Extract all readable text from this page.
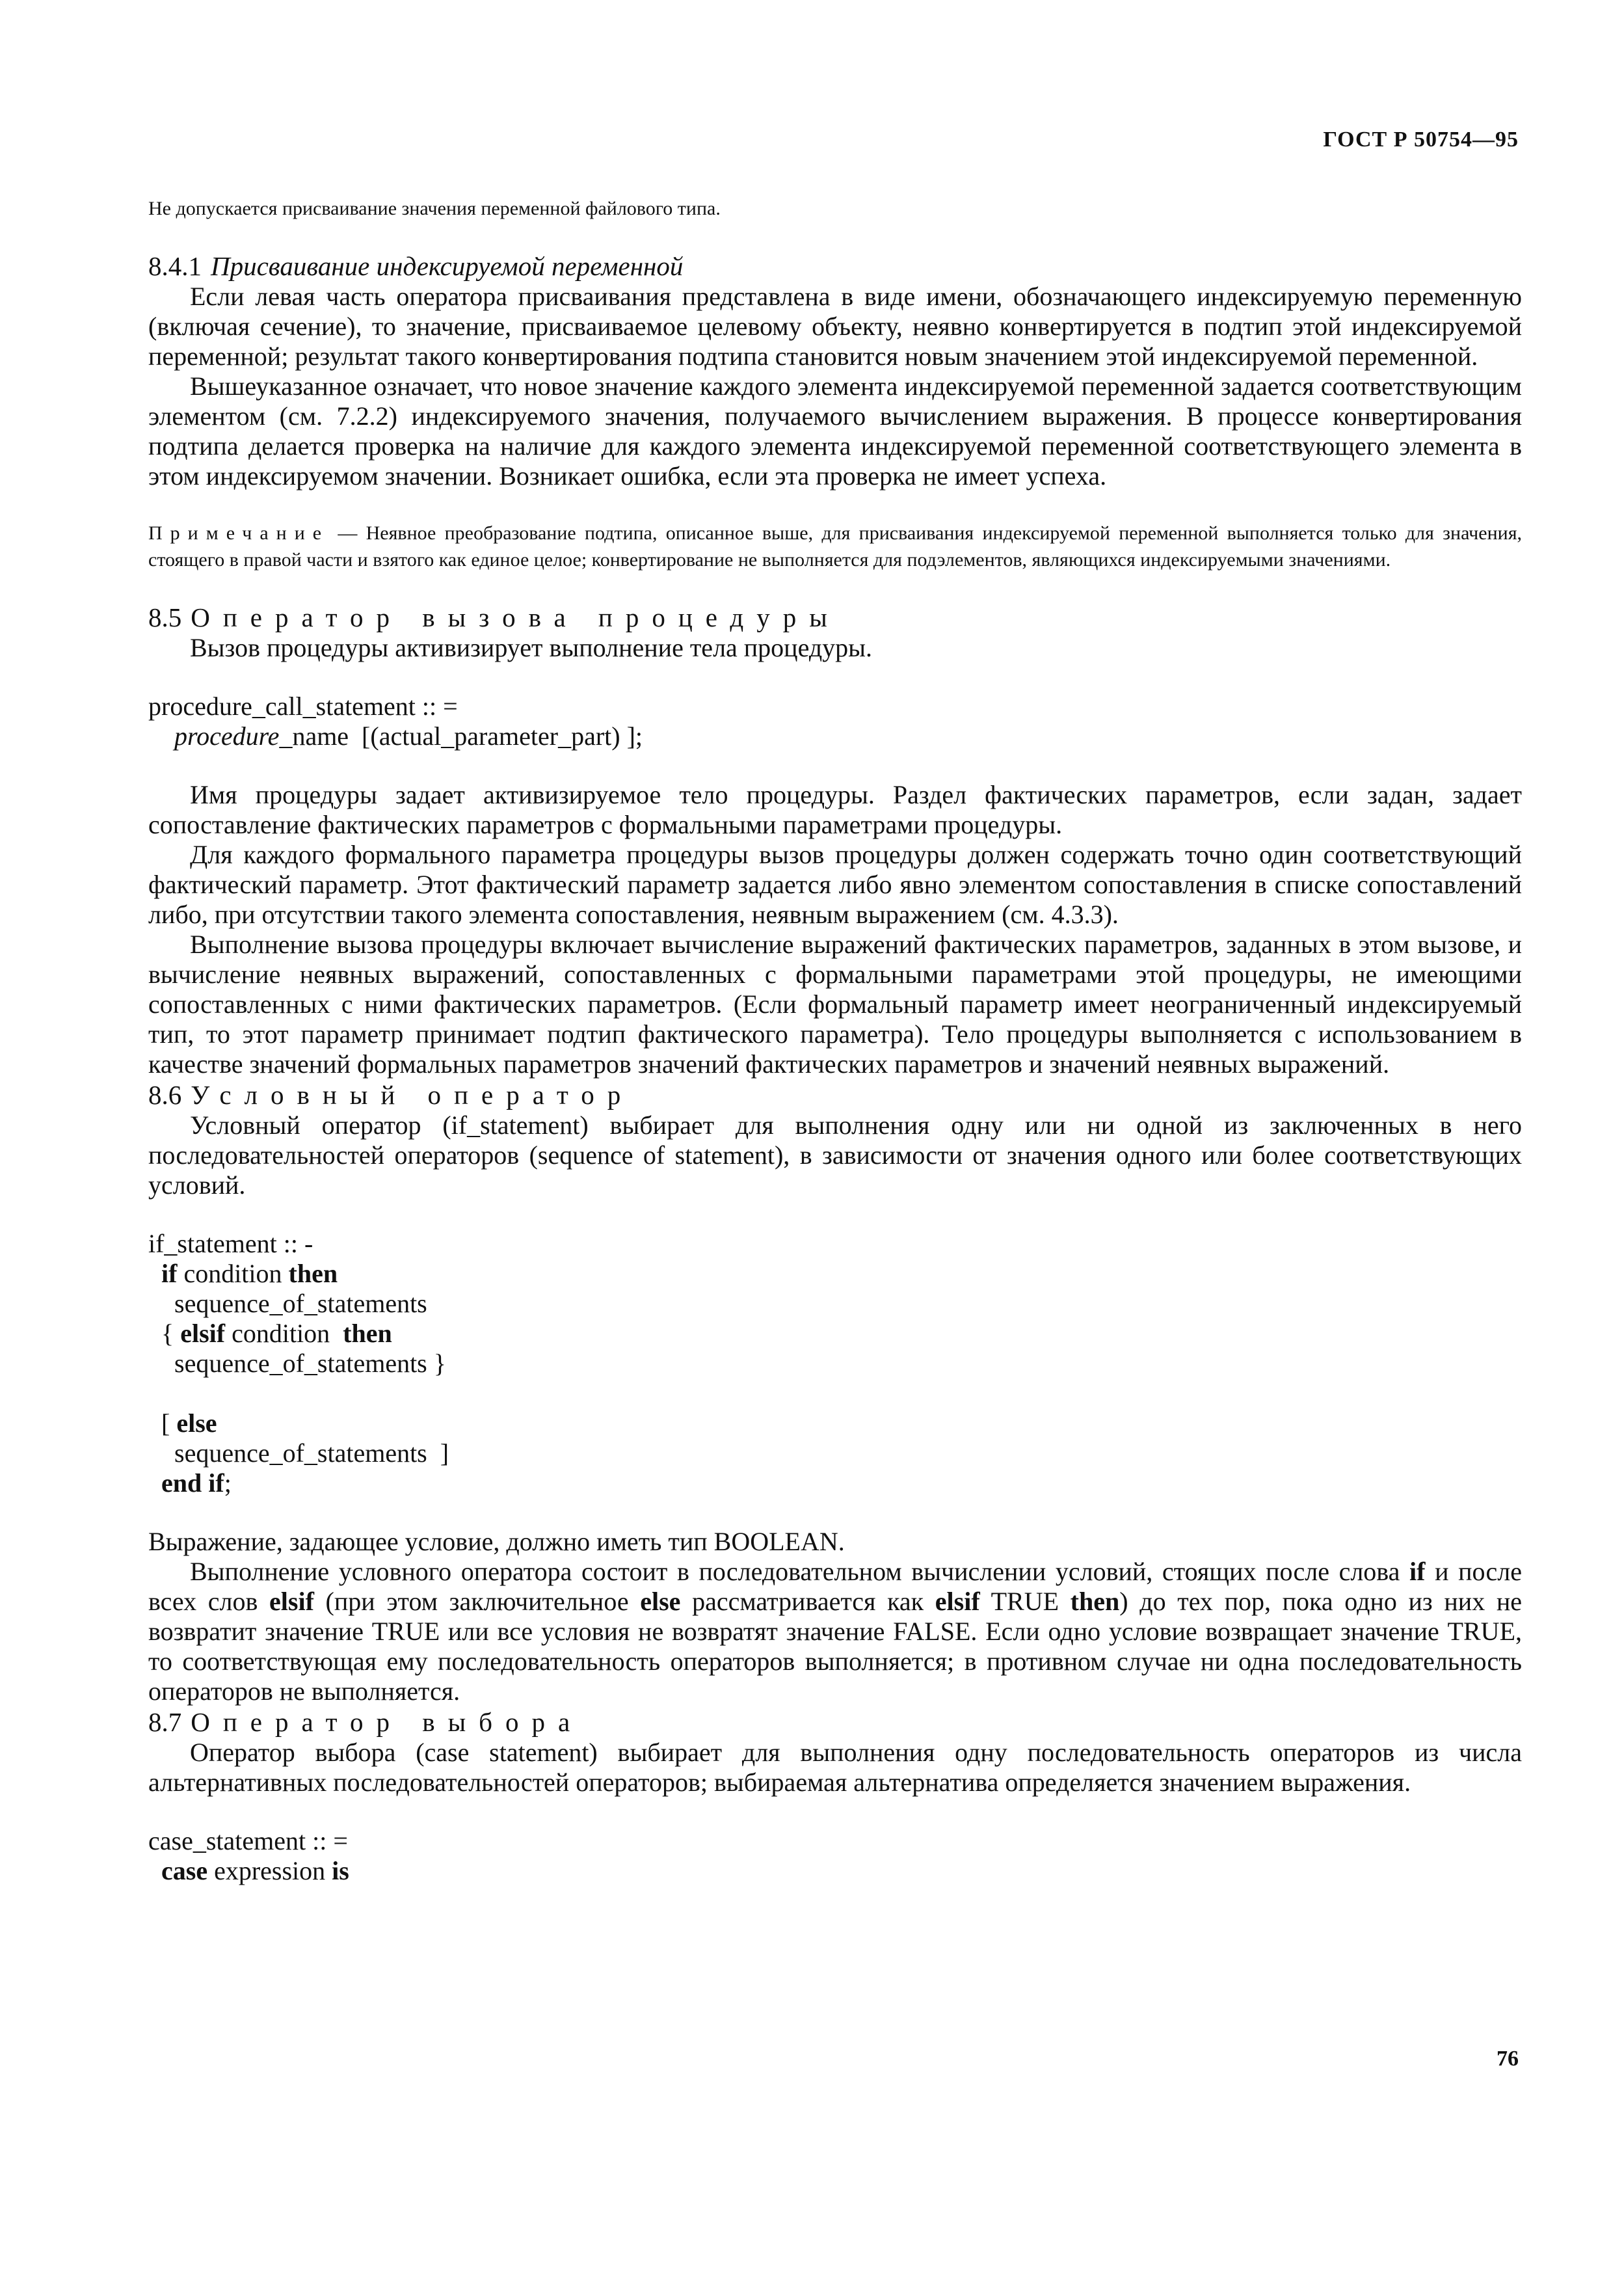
ГОСТ Р 50754—95

Не допускается присваивание значения переменной файлового типа.

8.4.1 Присваивание индексируемой переменной

Если левая часть оператора присваивания представлена в виде имени, обозначающего индексируемую переменную (включая сечение), то значение, присваиваемое целевому объекту, неявно конвертируется в подтип этой индексируемой переменной; результат такого конвертирования подтипа становится новым значением этой индексируемой переменной.

Вышеуказанное означает, что новое значение каждого элемента индексируемой переменной задается соответствующим элементом (см. 7.2.2) индексируемого значения, получаемого вычислением выражения. В процессе конвертирования подтипа делается проверка на наличие для каждого элемента индексируемой переменной соответствующего элемента в этом индексируемом значении. Возникает ошибка, если эта проверка не имеет успеха.

Примечание — Неявное преобразование подтипа, описанное выше, для присваивания индексируемой переменной выполняется только для значения, стоящего в правой части и взятого как единое целое; конвертирование не выполняется для подэлементов, являющихся индексируемыми значениями.

8.5 Оператор вызова процедуры

Вызов процедуры активизирует выполнение тела процедуры.

procedure_call_statement :: =
procedure_name  [(actual_parameter_part) ];

Имя процедуры задает активизируемое тело процедуры. Раздел фактических параметров, если задан, задает сопоставление фактических параметров с формальными параметрами процедуры.

Для каждого формального параметра процедуры вызов процедуры должен содержать точно один соответствующий фактический параметр. Этот фактический параметр задается либо явно элементом сопоставления в списке сопоставлений либо, при отсутствии такого элемента сопоставления, неявным выражением (см. 4.3.3).

Выполнение вызова процедуры включает вычисление выражений фактических параметров, заданных в этом вызове, и вычисление неявных выражений, сопоставленных с формальными параметрами этой процедуры, не имеющими сопоставленных с ними фактических параметров. (Если формальный параметр имеет неограниченный индексируемый тип, то этот параметр принимает подтип фактического параметра). Тело процедуры выполняется с использованием в качестве значений формальных параметров значений фактических параметров и значений неявных выражений.

8.6 Условный оператор

Условный оператор (if_statement) выбирает для выполнения одну или ни одной из заключенных в него последовательностей операторов (sequence of statement), в зависимости от значения одного или более соответствующих условий.

if_statement :: -
if condition then
sequence_of_statements
{ elsif condition  then
sequence_of_statements }

[ else
sequence_of_statements  ]
end if;

Выражение, задающее условие, должно иметь тип BOOLEAN.

Выполнение условного оператора состоит в последовательном вычислении условий, стоящих после слова if и после всех слов elsif (при этом заключительное else рассматривается как elsif TRUE then) до тех пор, пока одно из них не возвратит значение TRUE или все условия не возвратят значение FALSE. Если одно условие возвращает значение TRUE, то соответствующая ему последовательность операторов выполняется; в противном случае ни одна последовательность операторов не выполняется.

8.7 Оператор выбора

Оператор выбора (case statement) выбирает для выполнения одну последовательность операторов из числа альтернативных последовательностей операторов; выбираемая альтернатива определяется значением выражения.

case_statement :: =
case expression is
76
